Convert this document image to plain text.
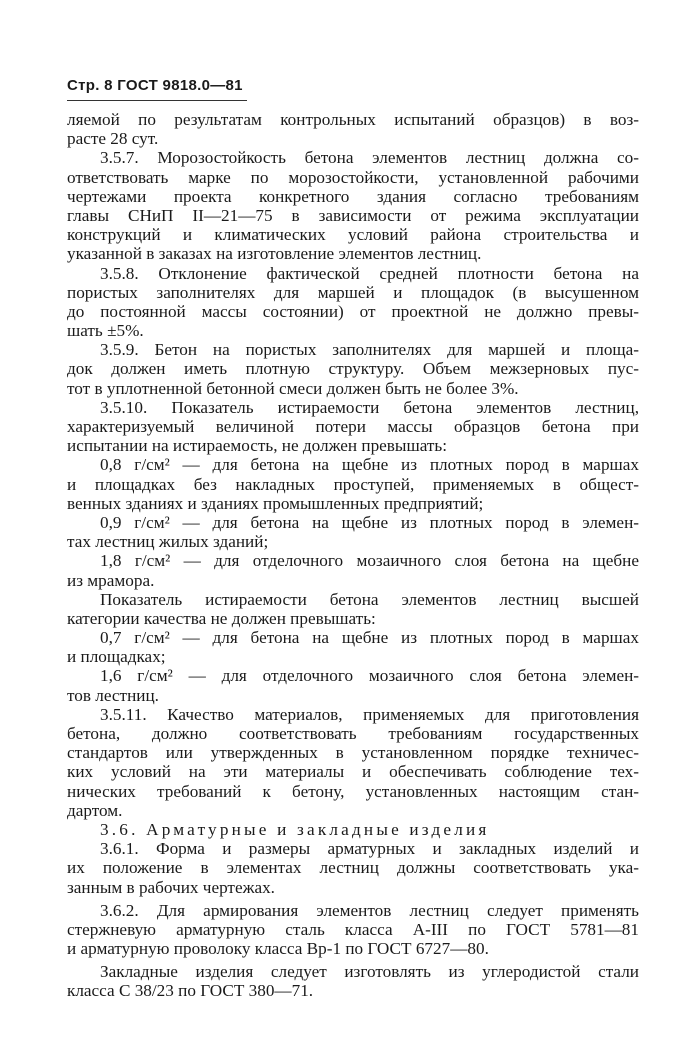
Стр. 8 ГОСТ 9818.0—81
ляемой по результатам контрольных испытаний образцов) в воз-
расте 28 сут.
3.5.7. Морозостойкость бетона элементов лестниц должна со-
ответствовать марке по морозостойкости, установленной рабочими
чертежами проекта конкретного здания согласно требованиям
главы СНиП II—21—75 в зависимости от режима эксплуатации
конструкций и климатических условий района строительства и
указанной в заказах на изготовление элементов лестниц.
3.5.8. Отклонение фактической средней плотности бетона на
пористых заполнителях для маршей и площадок (в высушенном
до постоянной массы состоянии) от проектной не должно превы-
шать ±5%.
3.5.9. Бетон на пористых заполнителях для маршей и площа-
док должен иметь плотную структуру. Объем межзерновых пус-
тот в уплотненной бетонной смеси должен быть не более 3%.
3.5.10. Показатель истираемости бетона элементов лестниц,
характеризуемый величиной потери массы образцов бетона при
испытании на истираемость, не должен превышать:
0,8 г/см² — для бетона на щебне из плотных пород в маршах
и площадках без накладных проступей, применяемых в общест-
венных зданиях и зданиях промышленных предприятий;
0,9 г/см² — для бетона на щебне из плотных пород в элемен-
тах лестниц жилых зданий;
1,8 г/см² — для отделочного мозаичного слоя бетона на щебне
из мрамора.
Показатель истираемости бетона элементов лестниц высшей
категории качества не должен превышать:
0,7 г/см² — для бетона на щебне из плотных пород в маршах
и площадках;
1,6 г/см² — для отделочного мозаичного слоя бетона элемен-
тов лестниц.
3.5.11. Качество материалов, применяемых для приготовления
бетона, должно соответствовать требованиям государственных
стандартов или утвержденных в установленном порядке техничес-
ких условий на эти материалы и обеспечивать соблюдение тех-
нических требований к бетону, установленных настоящим стан-
дартом.
3.6. Арматурные и закладные изделия
3.6.1. Форма и размеры арматурных и закладных изделий и
их положение в элементах лестниц должны соответствовать ука-
занным в рабочих чертежах.
3.6.2. Для армирования элементов лестниц следует применять
стержневую арматурную сталь класса А-III по ГОСТ 5781—81
и арматурную проволоку класса Вр-1 по ГОСТ 6727—80.
Закладные изделия следует изготовлять из углеродистой стали
класса С 38/23 по ГОСТ 380—71.
